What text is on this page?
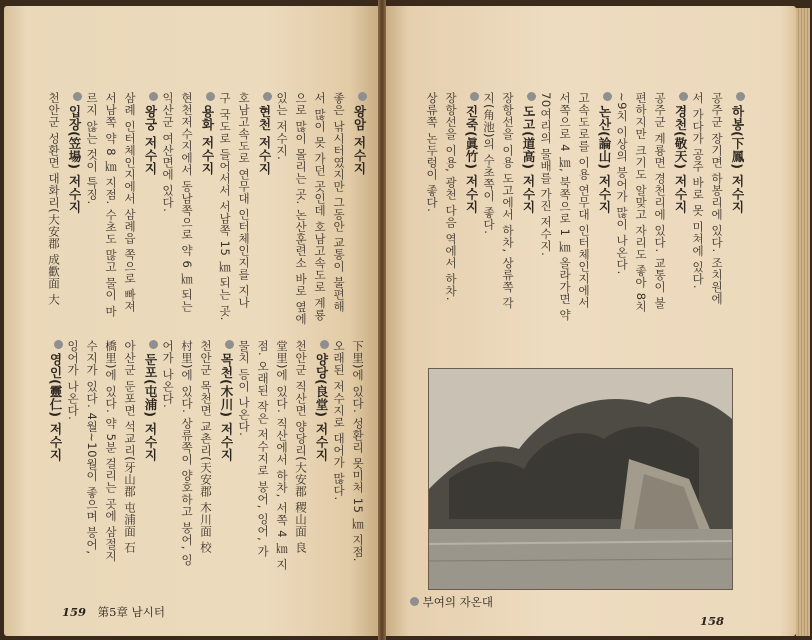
왕암 저수지
좋은 낚시터였지만 그동안 교통이 불편해
서 많이 못 가던 곳인데 호남고속도로 계룡
으로 많이 몰리는 곳. 논산훈련소 바로 옆에
있는 저수지.
현천 저수지
호남고속도로 연무대 인터체인지를 지나
구 국도로 들어서서 서남쪽 15 ㎞ 되는 곳.
용화 저수지
현천저수지에서 동남쪽으로 약 6 ㎞ 되는
익산군 여산면에 있다.
왕궁 저수지
삼례 인터체인지에서 삼례읍 쪽으로 빠져
서남쪽 약 8 ㎞ 지점. 수초도 많고 물이 마
르지 않는 것이 특징.
입장(笠場) 저수지
천안군 성환면 대화리(大安郡 成歡面 大
下里)에 있다. 성환리 못미처 15 ㎞ 지점.
오래된 저수지로 대어가 많다.
양당(良堂) 저수지
천안군 직산면 양당리(大安郡 稷山面 良
堂里)에 있다. 직산에서 하차, 서쪽 4 ㎞ 지
점. 오래된 작은 저수지로 붕어, 잉어, 가
물치 등이 나온다.
목천(木川) 저수지
천안군 목천면 교촌리(天安郡 木川面 校
村里)에 있다. 상류쪽이 양호하고 붕어, 잉
어가 나온다.
둔포(屯浦) 저수지
아산군 둔포면 석교리(牙山郡 屯浦面 石
橋里)에 있다. 약 5분 걸리는 곳에 삼절지
수지가 있다. 4월∼10월이 좋으며 붕어,
잉어가 나온다.
영인(靈仁) 저수지
하봉(下鳳) 저수지
공주군 장기면 하봉리에 있다. 조치원에
서 가다가 공주 바로 못 미쳐에 있다.
경천(敬天) 저수지
공주군 계룡면 경천리에 있다. 교통이 불
편하지만 크기도 알맞고 자리도 좋아 8치
∼9치 이상의 붕어가 많이 나온다.
논산(論山) 저수지
고속도로를 이용 연무대 인터체인지에서
서쪽으로 4 ㎞, 북쪽으로 1 ㎞ 올라가면 약
70여리의 물배를 가진 저수지.
도고(道高) 저수지
장항선을 이용 도고에서 하차, 상류쪽 각
지(角池)의 수초쪽이 좋다.
진죽(眞竹) 저수지
장항선을 이용, 광천 다음 역에서 하차.
상류쪽 논두렁이 좋다.
부여의 자온대
159 第5章 남시터
158
